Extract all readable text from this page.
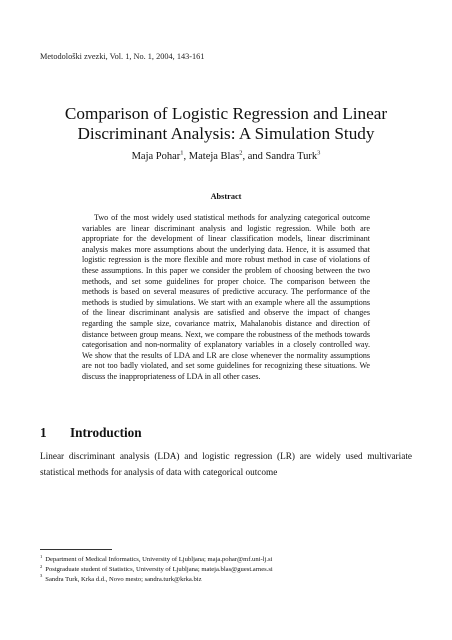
Metodološki zvezki, Vol. 1, No. 1, 2004, 143-161
Comparison of Logistic Regression and Linear
Discriminant Analysis: A Simulation Study
Maja Pohar$^1$, Mateja Blas$^2$, and Sandra Turk$^3$
Abstract
Two of the most widely used statistical methods for analyzing categorical outcome variables are linear discriminant analysis and logistic regression. While both are appropriate for the development of linear classification models, linear discriminant analysis makes more assumptions about the underlying data. Hence, it is assumed that logistic regression is the more flexible and more robust method in case of violations of these assumptions. In this paper we consider the problem of choosing between the two methods, and set some guidelines for proper choice. The comparison between the methods is based on several measures of predictive accuracy. The performance of the methods is studied by simulations. We start with an example where all the assumptions of the linear discriminant analysis are satisfied and observe the impact of changes regarding the sample size, covariance matrix, Mahalanobis distance and direction of distance between group means. Next, we compare the robustness of the methods towards categorisation and non-normality of explanatory variables in a closely controlled way. We show that the results of LDA and LR are close whenever the normality assumptions are not too badly violated, and set some guidelines for recognizing these situations. We discuss the inappropriateness of LDA in all other cases.
1 Introduction
Linear discriminant analysis (LDA) and logistic regression (LR) are widely used multivariate statistical methods for analysis of data with categorical outcome
$^1$ Department of Medical Informatics, University of Ljubljana; maja.pohar@mf.uni-lj.si
$^2$ Postgraduate student of Statistics, University of Ljubljana; mateja.blas@guest.arnes.si
$^3$ Sandra Turk, Krka d.d., Novo mesto; sandra.turk@krka.biz
